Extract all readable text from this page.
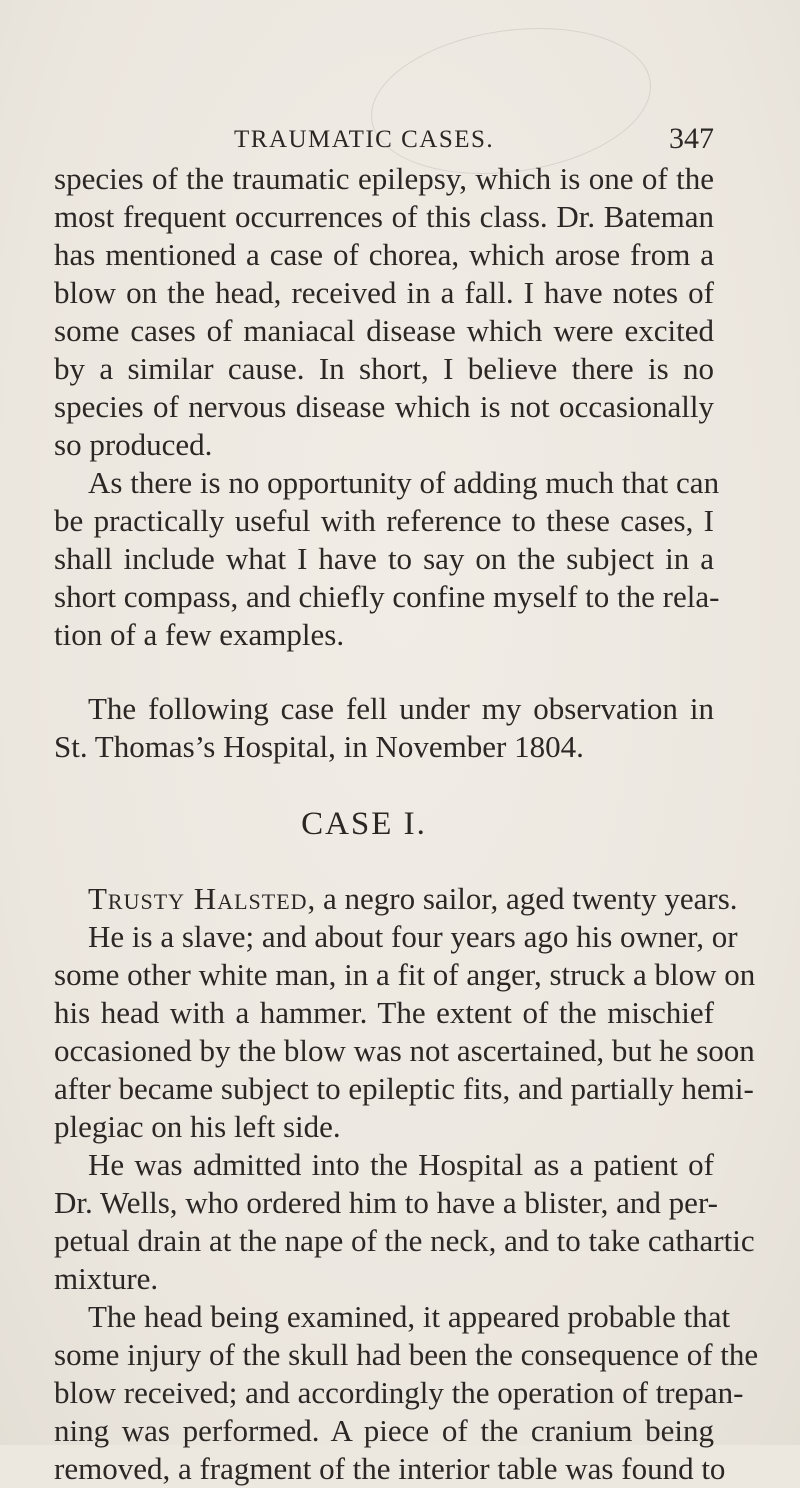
TRAUMATIC CASES.	347
species of the traumatic epilepsy, which is one of the
most frequent occurrences of this class. Dr. Bateman
has mentioned a case of chorea, which arose from a
blow on the head, received in a fall. I have notes of
some cases of maniacal disease which were excited
by a similar cause. In short, I believe there is no
species of nervous disease which is not occasionally
so produced.
As there is no opportunity of adding much that can
be practically useful with reference to these cases, I
shall include what I have to say on the subject in a
short compass, and chiefly confine myself to the rela-
tion of a few examples.
The following case fell under my observation in
St. Thomas’s Hospital, in November 1804.
CASE I.
Trusty Halsted, a negro sailor, aged twenty years.
He is a slave; and about four years ago his owner, or
some other white man, in a fit of anger, struck a blow on
his head with a hammer. The extent of the mischief
occasioned by the blow was not ascertained, but he soon
after became subject to epileptic fits, and partially hemi-
plegiac on his left side.
He was admitted into the Hospital as a patient of
Dr. Wells, who ordered him to have a blister, and per-
petual drain at the nape of the neck, and to take cathartic
mixture.
The head being examined, it appeared probable that
some injury of the skull had been the consequence of the
blow received; and accordingly the operation of trepan-
ning was performed. A piece of the cranium being
removed, a fragment of the interior table was found to
